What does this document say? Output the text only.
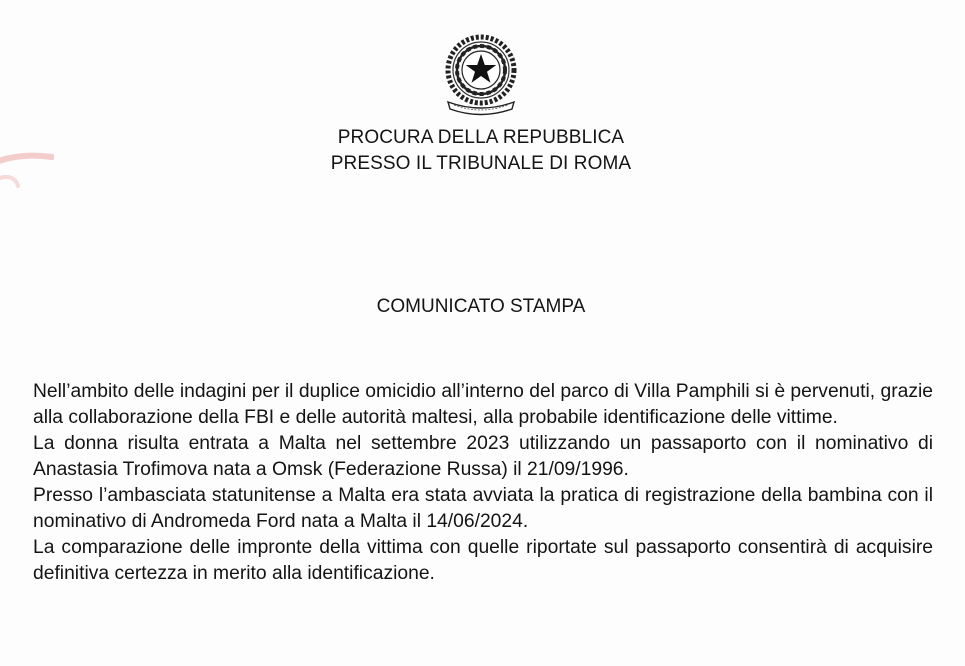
PROCURA DELLA REPUBBLICA
PRESSO IL TRIBUNALE DI ROMA
COMUNICATO STAMPA

Nell’ambito delle indagini per il duplice omicidio all’interno del parco di Villa Pamphili si è pervenuti, grazie alla collaborazione della FBI e delle autorità maltesi, alla probabile identificazione delle vittime.

La donna risulta entrata a Malta nel settembre 2023 utilizzando un passaporto con il nominativo di Anastasia Trofimova nata a Omsk (Federazione Russa) il 21/09/1996.

Presso l’ambasciata statunitense a Malta era stata avviata la pratica di registrazione della bambina con il nominativo di Andromeda Ford nata a Malta il 14/06/2024.

La comparazione delle impronte della vittima con quelle riportate sul passaporto consentirà di acquisire definitiva certezza in merito alla identificazione.
